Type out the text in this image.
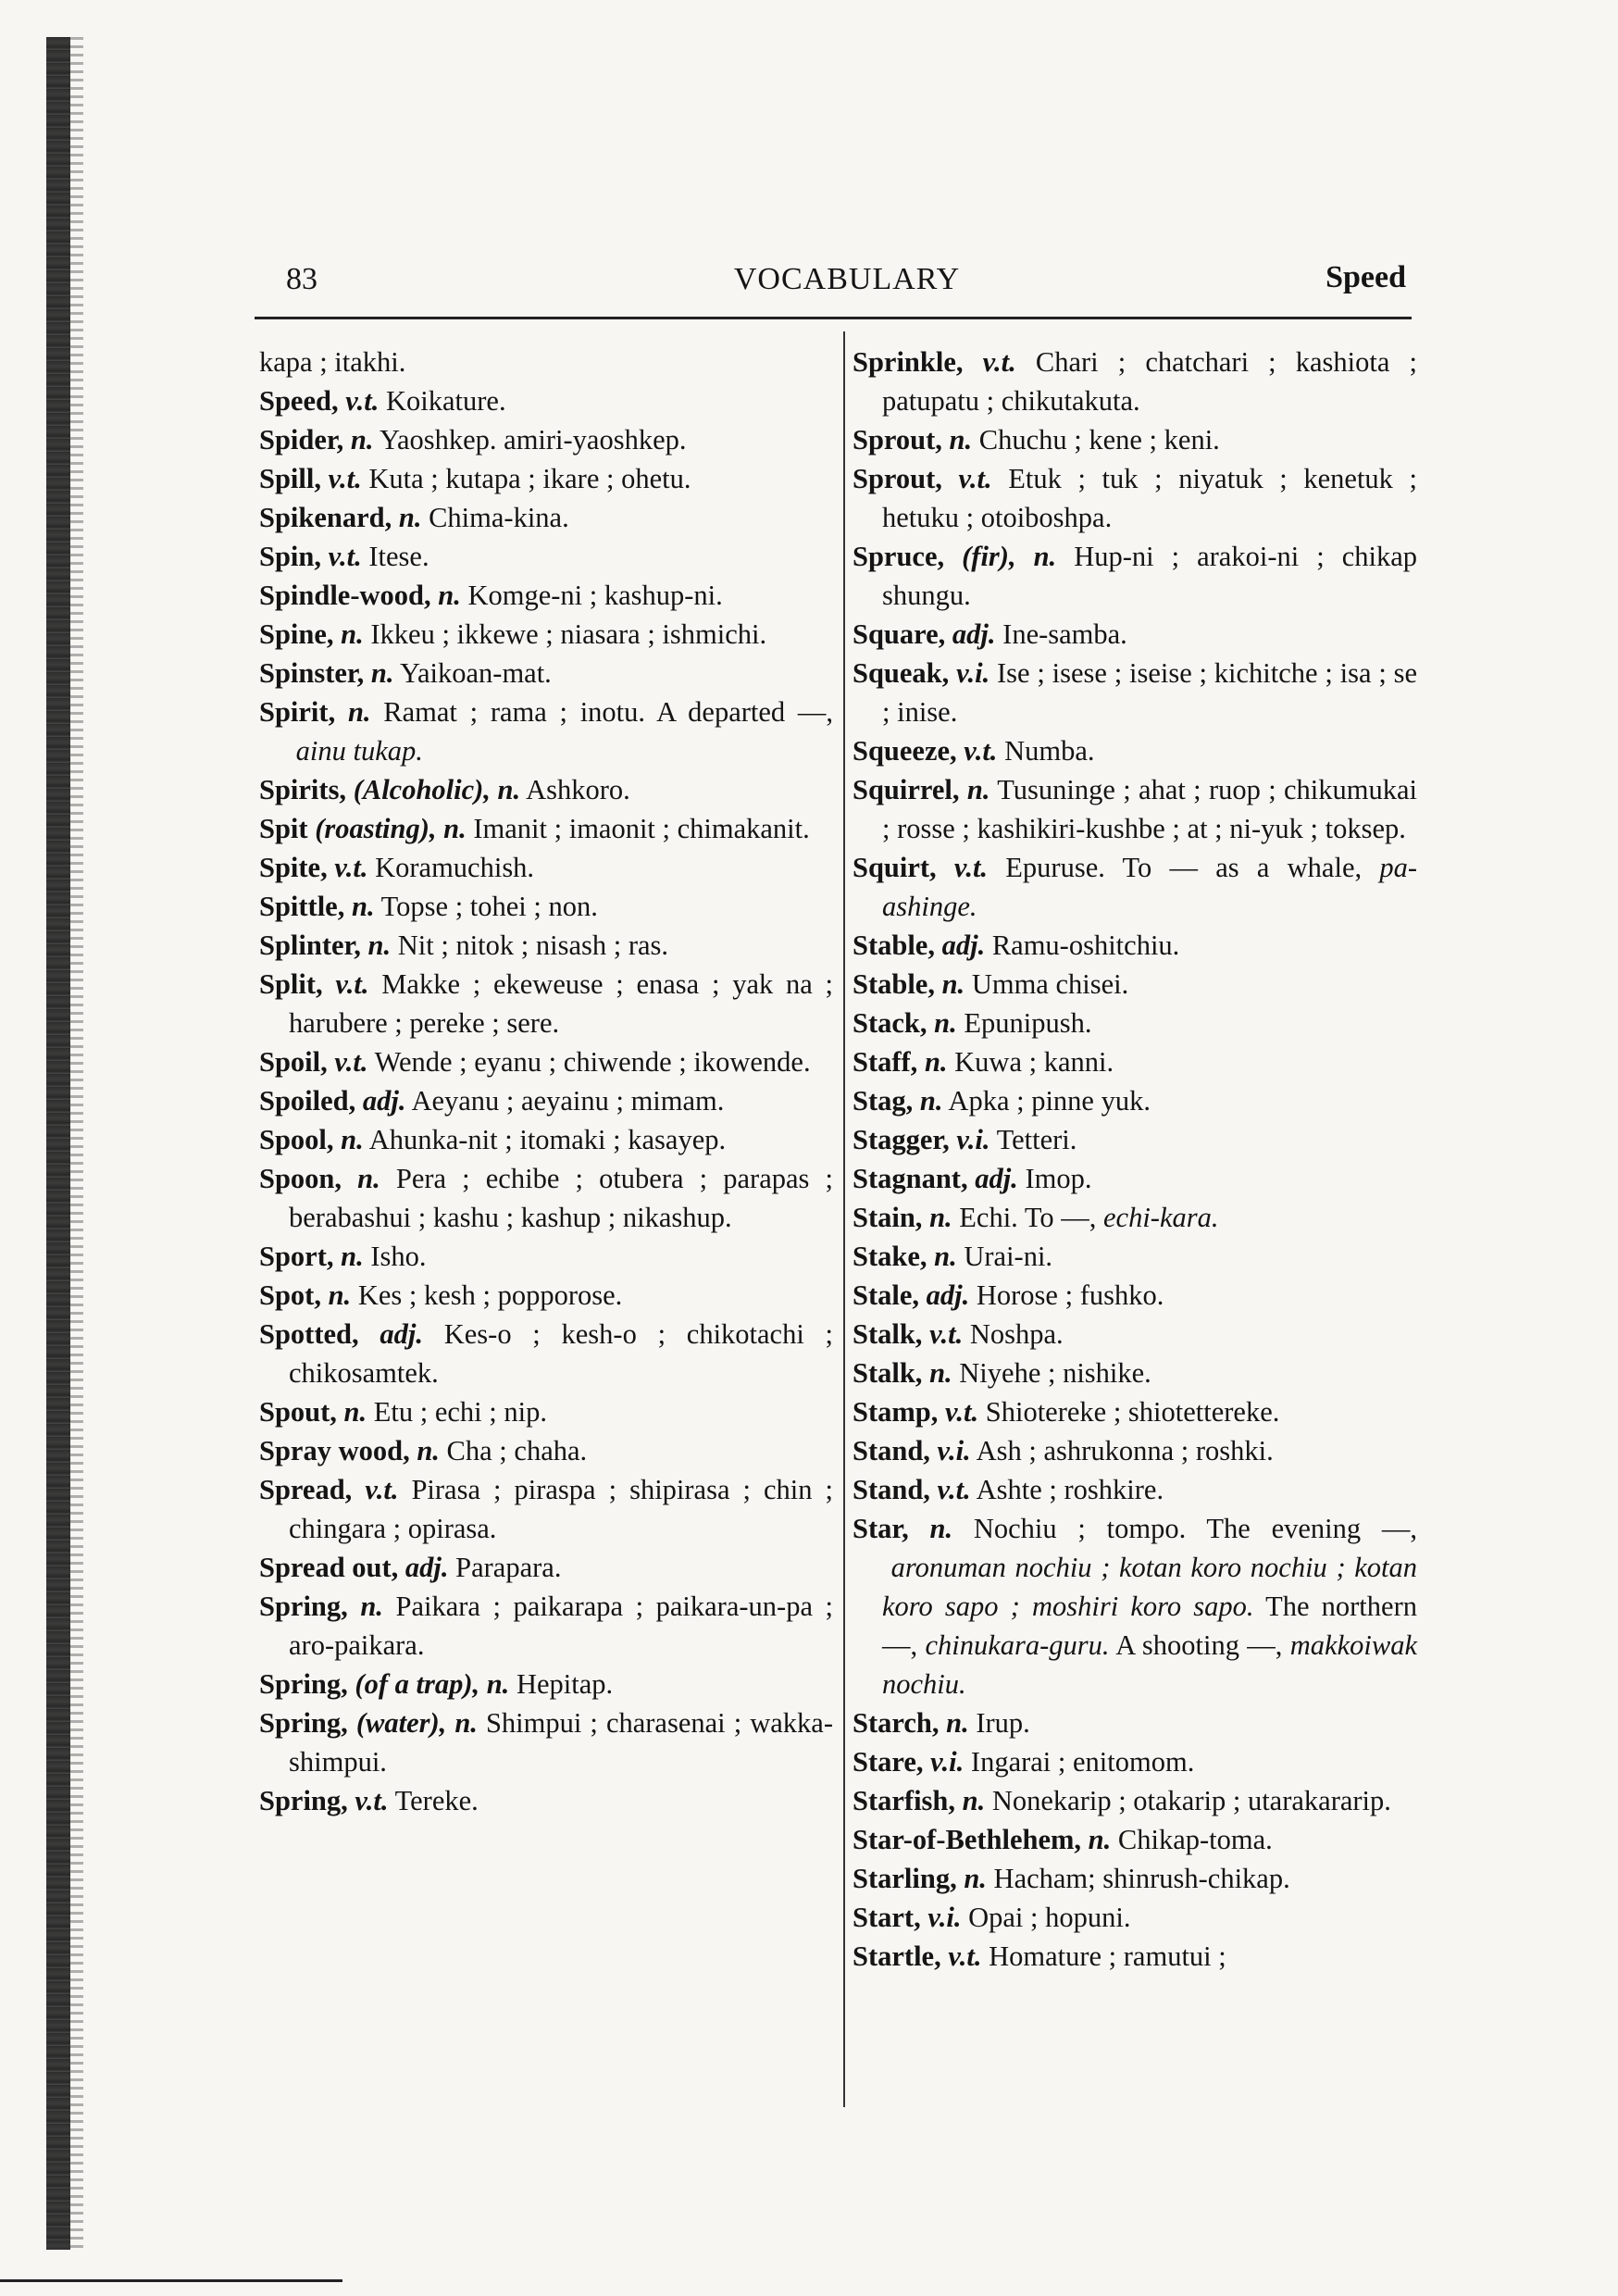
83	VOCABULARY	Speed

kapa ; itakhi.

Speed, v.t. Koikature.

Spider, n. Yaoshkep. amiri-yaoshkep.

Spill, v.t. Kuta ; kutapa ; ikare ; ohetu.

Spikenard, n. Chima-kina.

Spin, v.t. Itese.

Spindle-wood, n. Komge-ni ; kashup-ni.

Spine, n. Ikkeu ; ikkewe ; niasara ; ishmichi.

Spinster, n. Yaikoan-mat.

Spirit, n. Ramat ; rama ; inotu. A departed —, ainu tukap.

Spirits, (Alcoholic), n. Ashkoro.

Spit (roasting), n. Imanit ; imaonit ; chimakanit.

Spite, v.t. Koramuchish.

Spittle, n. Topse ; tohei ; non.

Splinter, n. Nit ; nitok ; nisash ; ras.

Split, v.t. Makke ; ekeweuse ; enasa ; yak na ; harubere ; pereke ; sere.

Spoil, v.t. Wende ; eyanu ; chiwende ; ikowende.

Spoiled, adj. Aeyanu ; aeyainu ; mimam.

Spool, n. Ahunka-nit ; itomaki ; kasayep.

Spoon, n. Pera ; echibe ; otubera ; parapas ; berabashui ; kashu ; kashup ; nikashup.

Sport, n. Isho.

Spot, n. Kes ; kesh ; popporose.

Spotted, adj. Kes-o ; kesh-o ; chikotachi ; chikosamtek.

Spout, n. Etu ; echi ; nip.

Spray wood, n. Cha ; chaha.

Spread, v.t. Pirasa ; piraspa ; shipirasa ; chin ; chingara ; opirasa.

Spread out, adj. Parapara.

Spring, n. Paikara ; paikarapa ; paikara-un-pa ; aro-paikara.

Spring, (of a trap), n. Hepitap.

Spring, (water), n. Shimpui ; charasenai ; wakka-shimpui.

Spring, v.t. Tereke.

Sprinkle, v.t. Chari ; chatchari ; kashiota ; patupatu ; chikutakuta.

Sprout, n. Chuchu ; kene ; keni.

Sprout, v.t. Etuk ; tuk ; niyatuk ; kenetuk ; hetuku ; otoiboshpa.

Spruce, (fir), n. Hup-ni ; arakoi-ni ; chikap shungu.

Square, adj. Ine-samba.

Squeak, v.i. Ise ; isese ; iseise ; kichitche ; isa ; se ; inise.

Squeeze, v.t. Numba.

Squirrel, n. Tusuninge ; ahat ; ruop ; chikumukai ; rosse ; kashikiri-kushbe ; at ; ni-yuk ; toksep.

Squirt, v.t. Epuruse. To — as a whale, pa-ashinge.

Stable, adj. Ramu-oshitchiu.

Stable, n. Umma chisei.

Stack, n. Epunipush.

Staff, n. Kuwa ; kanni.

Stag, n. Apka ; pinne yuk.

Stagger, v.i. Tetteri.

Stagnant, adj. Imop.

Stain, n. Echi. To —, echi-kara.

Stake, n. Urai-ni.

Stale, adj. Horose ; fushko.

Stalk, v.t. Noshpa.

Stalk, n. Niyehe ; nishike.

Stamp, v.t. Shiotereke ; shiotettereke.

Stand, v.i. Ash ; ashrukonna ; roshki.

Stand, v.t. Ashte ; roshkire.

Star, n. Nochiu ; tompo. The evening —, aronuman nochiu ; kotan koro nochiu ; kotan koro sapo ; moshiri koro sapo. The northern —, chinukara-guru. A shooting —, makkoiwak nochiu.

Starch, n. Irup.

Stare, v.i. Ingarai ; enitomom.

Starfish, n. Nonekarip ; otakarip ; utarakararip.

Star-of-Bethlehem, n. Chikap-toma.

Starling, n. Hacham; shinrush-chikap.

Start, v.i. Opai ; hopuni.

Startle, v.t. Homature ; ramutui ;
